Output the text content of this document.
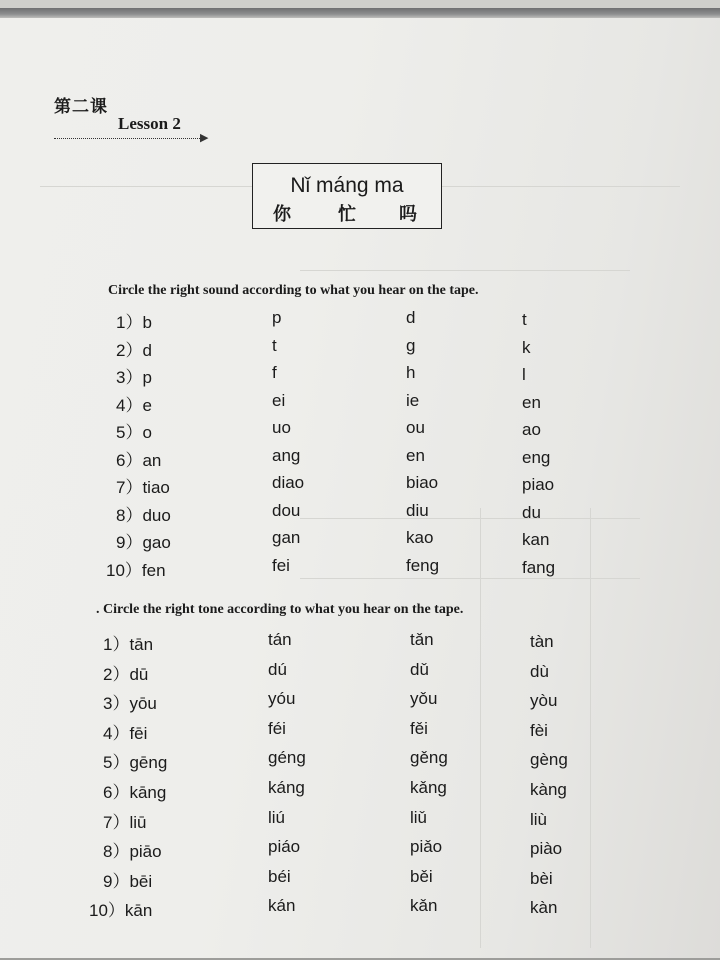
第二课
Lesson 2
▶
Nǐ máng ma
你	忙 吗
Circle the right sound according to what you hear on the tape.
1）b	p	d	t
2）d	t	g	k
3）p	f	h	l
4）e	ei	ie	en
5）o	uo	ou	ao
6）an	ang	en	eng
7）tiao	diao	biao	piao
8）duo	dou	diu	du
9）gao	gan	kao	kan
10）fen	fei	feng	fang
. Circle the right tone according to what you hear on the tape.
1）tān	tán	tǎn	tàn
2）dū	dú	dǔ	dù
3）yōu	yóu	yǒu	yòu
4）fēi	féi	fěi	fèi
5）gēng	géng	gěng	gèng
6）kāng	káng	kǎng	kàng
7）liū	liú	liǔ	liù
8）piāo	piáo	piǎo	piào
9）bēi	béi	běi	bèi
10）kān	kán	kǎn	kàn
